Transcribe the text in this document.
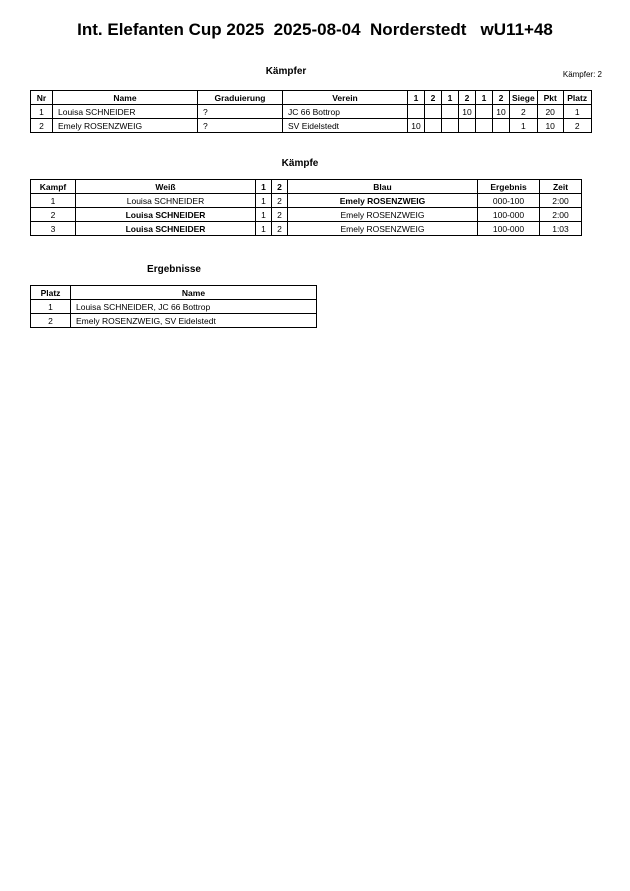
Int. Elefanten Cup 2025  2025-08-04  Norderstedt   wU11+48
Kämpfer	Kämpfer: 2
Nr	Name	Graduierung	Verein	1	2	1	2	1	2	Siege	Pkt	Platz
1	Louisa SCHNEIDER	?	JC 66 Bottrop				10		10	2	20	1
2	Emely ROSENZWEIG	?	SV Eidelstedt	10						1	10	2
Kämpfe
Kampf	Weiß	1	2	Blau	Ergebnis	Zeit
1	Louisa SCHNEIDER	1	2	Emely ROSENZWEIG	000-100	2:00
2	Louisa SCHNEIDER	1	2	Emely ROSENZWEIG	100-000	2:00
3	Louisa SCHNEIDER	1	2	Emely ROSENZWEIG	100-000	1:03
Ergebnisse
Platz	Name
1	Louisa SCHNEIDER, JC 66 Bottrop
2	Emely ROSENZWEIG, SV Eidelstedt
